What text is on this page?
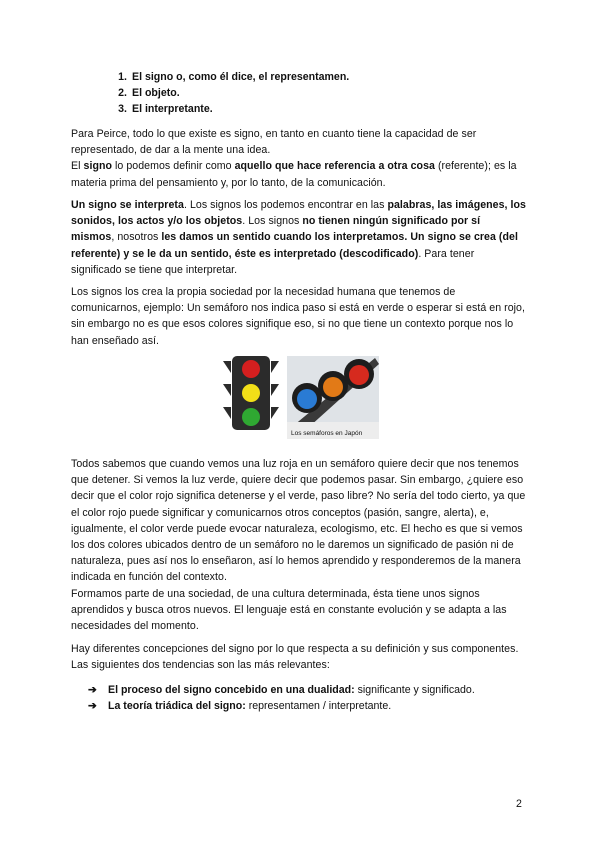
1. El signo o, como él dice, el representamen.
2. El objeto.
3. El interpretante.

Para Peirce, todo lo que existe es signo, en tanto en cuanto tiene la capacidad de ser representado, de dar a la mente una idea.

El signo lo podemos definir como aquello que hace referencia a otra cosa (referente); es la materia prima del pensamiento y, por lo tanto, de la comunicación.

Un signo se interpreta. Los signos los podemos encontrar en las palabras, las imágenes, los sonidos, los actos y/o los objetos. Los signos no tienen ningún significado por sí mismos, nosotros les damos un sentido cuando los interpretamos. Un signo se crea (del referente) y se le da un sentido, éste es interpretado (descodificado). Para tener significado se tiene que interpretar.

Los signos los crea la propia sociedad por la necesidad humana que tenemos de comunicarnos, ejemplo: Un semáforo nos indica paso si está en verde o esperar si está en rojo, sin embargo no es que esos colores signifique eso, si no que tiene un contexto porque nos lo han enseñado así.

Los semáforos en Japón

Todos sabemos que cuando vemos una luz roja en un semáforo quiere decir que nos tenemos que detener. Si vemos la luz verde, quiere decir que podemos pasar. Sin embargo, ¿quiere eso decir que el color rojo significa detenerse y el verde, paso libre? No sería del todo cierto, ya que el color rojo puede significar y comunicarnos otros conceptos (pasión, sangre, alerta), e, igualmente, el color verde puede evocar naturaleza, ecologismo, etc. El hecho es que si vemos los dos colores ubicados dentro de un semáforo no le daremos un significado de pasión ni de naturaleza, pues así nos lo enseñaron, así lo hemos aprendido y responderemos de la manera indicada en función del contexto.

Formamos parte de una sociedad, de una cultura determinada, ésta tiene unos signos aprendidos y busca otros nuevos. El lenguaje está en constante evolución y se adapta a las necesidades del momento.

Hay diferentes concepciones del signo por lo que respecta a su definición y sus componentes. Las siguientes dos tendencias son las más relevantes:

➔	El proceso del signo concebido en una dualidad: significante y significado.
➔	La teoría triádica del signo: representamen / interpretante.
2
